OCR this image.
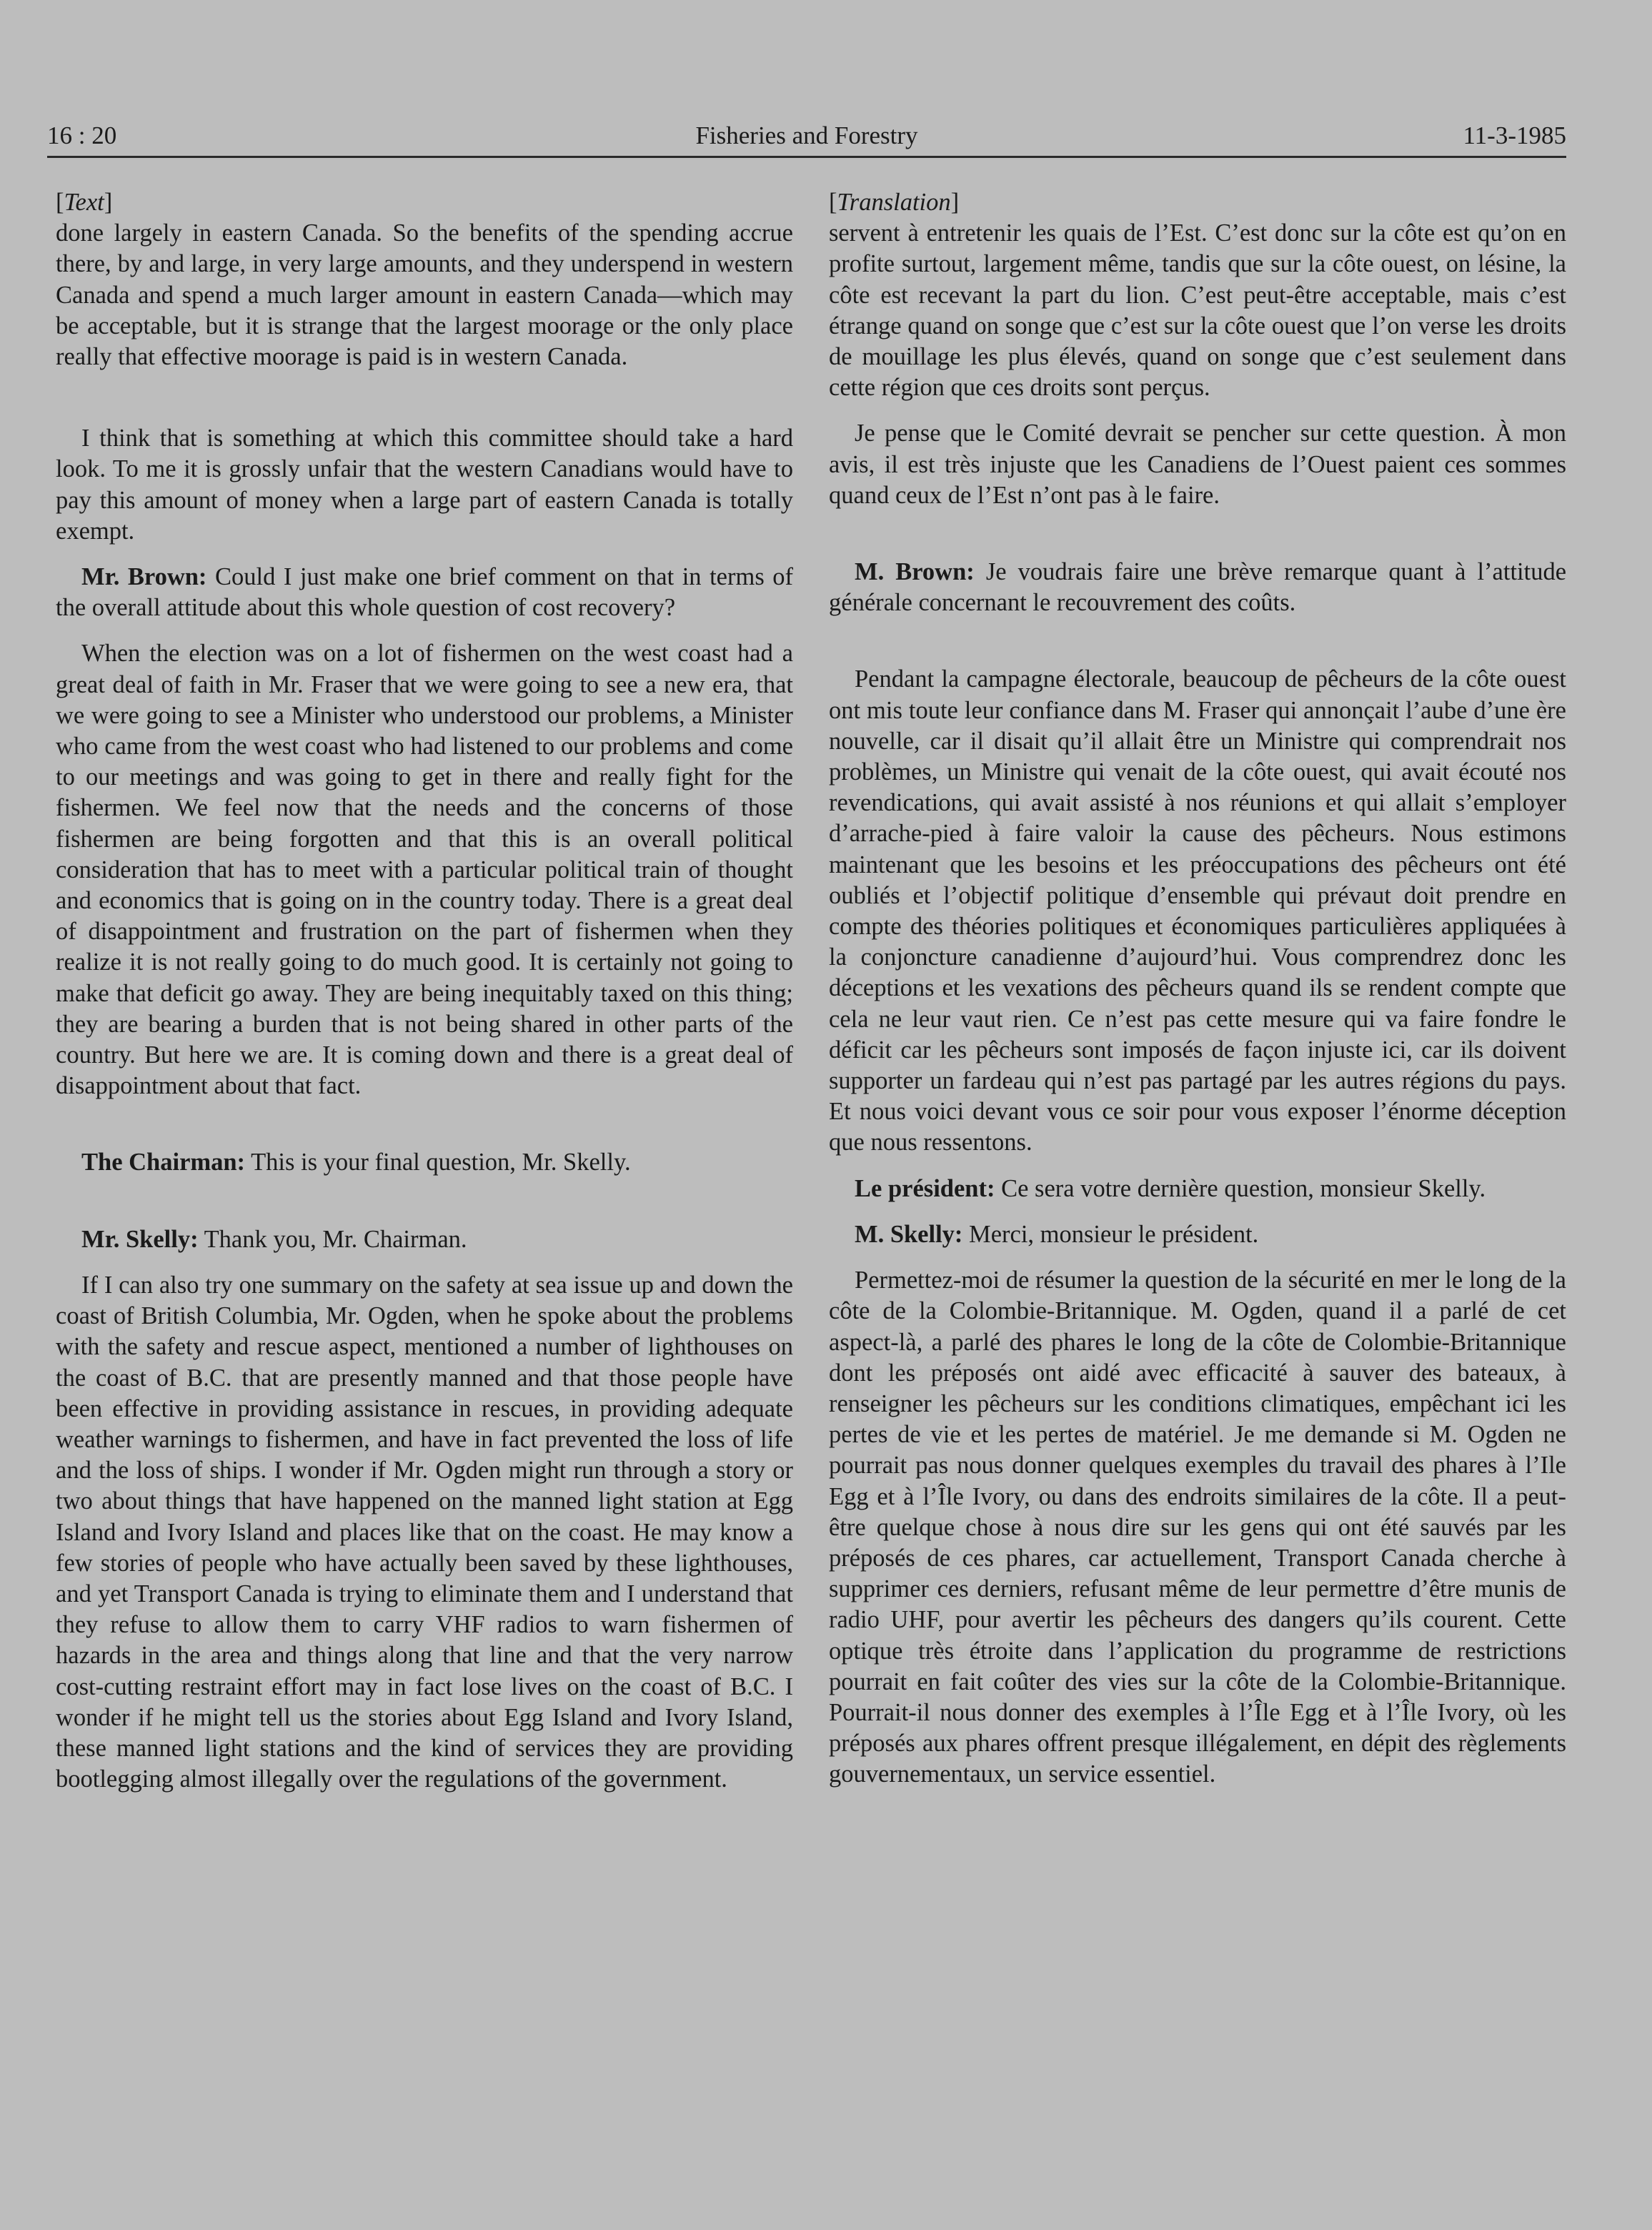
16 : 20	Fisheries and Forestry	11-3-1985

[Text]

done largely in eastern Canada. So the benefits of the spending accrue there, by and large, in very large amounts, and they underspend in western Canada and spend a much larger amount in eastern Canada—which may be acceptable, but it is strange that the largest moorage or the only place really that effective moorage is paid is in western Canada.

I think that is something at which this committee should take a hard look. To me it is grossly unfair that the western Canadians would have to pay this amount of money when a large part of eastern Canada is totally exempt.

Mr. Brown: Could I just make one brief comment on that in terms of the overall attitude about this whole question of cost recovery?

When the election was on a lot of fishermen on the west coast had a great deal of faith in Mr. Fraser that we were going to see a new era, that we were going to see a Minister who understood our problems, a Minister who came from the west coast who had listened to our problems and come to our meetings and was going to get in there and really fight for the fishermen. We feel now that the needs and the concerns of those fishermen are being forgotten and that this is an overall political consideration that has to meet with a particular political train of thought and economics that is going on in the country today. There is a great deal of disappointment and frustration on the part of fishermen when they realize it is not really going to do much good. It is certainly not going to make that deficit go away. They are being inequitably taxed on this thing; they are bearing a burden that is not being shared in other parts of the country. But here we are. It is coming down and there is a great deal of disappointment about that fact.

The Chairman: This is your final question, Mr. Skelly.

Mr. Skelly: Thank you, Mr. Chairman.

If I can also try one summary on the safety at sea issue up and down the coast of British Columbia, Mr. Ogden, when he spoke about the problems with the safety and rescue aspect, mentioned a number of lighthouses on the coast of B.C. that are presently manned and that those people have been effective in providing assistance in rescues, in providing adequate weather warnings to fishermen, and have in fact prevented the loss of life and the loss of ships. I wonder if Mr. Ogden might run through a story or two about things that have happened on the manned light station at Egg Island and Ivory Island and places like that on the coast. He may know a few stories of people who have actually been saved by these lighthouses, and yet Transport Canada is trying to eliminate them and I understand that they refuse to allow them to carry VHF radios to warn fishermen of hazards in the area and things along that line and that the very narrow cost-cutting restraint effort may in fact lose lives on the coast of B.C. I wonder if he might tell us the stories about Egg Island and Ivory Island, these manned light stations and the kind of services they are providing bootlegging almost illegally over the regulations of the government.

[Translation]

servent à entretenir les quais de l’Est. C’est donc sur la côte est qu’on en profite surtout, largement même, tandis que sur la côte ouest, on lésine, la côte est recevant la part du lion. C’est peut-être acceptable, mais c’est étrange quand on songe que c’est sur la côte ouest que l’on verse les droits de mouillage les plus élevés, quand on songe que c’est seulement dans cette région que ces droits sont perçus.

Je pense que le Comité devrait se pencher sur cette question. À mon avis, il est très injuste que les Canadiens de l’Ouest paient ces sommes quand ceux de l’Est n’ont pas à le faire.

M. Brown: Je voudrais faire une brève remarque quant à l’attitude générale concernant le recouvrement des coûts.

Pendant la campagne électorale, beaucoup de pêcheurs de la côte ouest ont mis toute leur confiance dans M. Fraser qui annonçait l’aube d’une ère nouvelle, car il disait qu’il allait être un Ministre qui comprendrait nos problèmes, un Ministre qui venait de la côte ouest, qui avait écouté nos revendications, qui avait assisté à nos réunions et qui allait s’employer d’arrache-pied à faire valoir la cause des pêcheurs. Nous estimons maintenant que les besoins et les préoccupations des pêcheurs ont été oubliés et l’objectif politique d’ensemble qui prévaut doit prendre en compte des théories politiques et économiques particulières appliquées à la conjoncture canadienne d’aujourd’hui. Vous comprendrez donc les déceptions et les vexations des pêcheurs quand ils se rendent compte que cela ne leur vaut rien. Ce n’est pas cette mesure qui va faire fondre le déficit car les pêcheurs sont imposés de façon injuste ici, car ils doivent supporter un fardeau qui n’est pas partagé par les autres régions du pays. Et nous voici devant vous ce soir pour vous exposer l’énorme déception que nous ressentons.

Le président: Ce sera votre dernière question, monsieur Skelly.

M. Skelly: Merci, monsieur le président.

Permettez-moi de résumer la question de la sécurité en mer le long de la côte de la Colombie-Britannique. M. Ogden, quand il a parlé de cet aspect-là, a parlé des phares le long de la côte de Colombie-Britannique dont les préposés ont aidé avec efficacité à sauver des bateaux, à renseigner les pêcheurs sur les conditions climatiques, empêchant ici les pertes de vie et les pertes de matériel. Je me demande si M. Ogden ne pourrait pas nous donner quelques exemples du travail des phares à l’Ile Egg et à l’Île Ivory, ou dans des endroits similaires de la côte. Il a peut-être quelque chose à nous dire sur les gens qui ont été sauvés par les préposés de ces phares, car actuellement, Transport Canada cherche à supprimer ces derniers, refusant même de leur permettre d’être munis de radio UHF, pour avertir les pêcheurs des dangers qu’ils courent. Cette optique très étroite dans l’application du programme de restrictions pourrait en fait coûter des vies sur la côte de la Colombie-Britannique. Pourrait-il nous donner des exemples à l’Île Egg et à l’Île Ivory, où les préposés aux phares offrent presque illégalement, en dépit des règlements gouvernementaux, un service essentiel.
